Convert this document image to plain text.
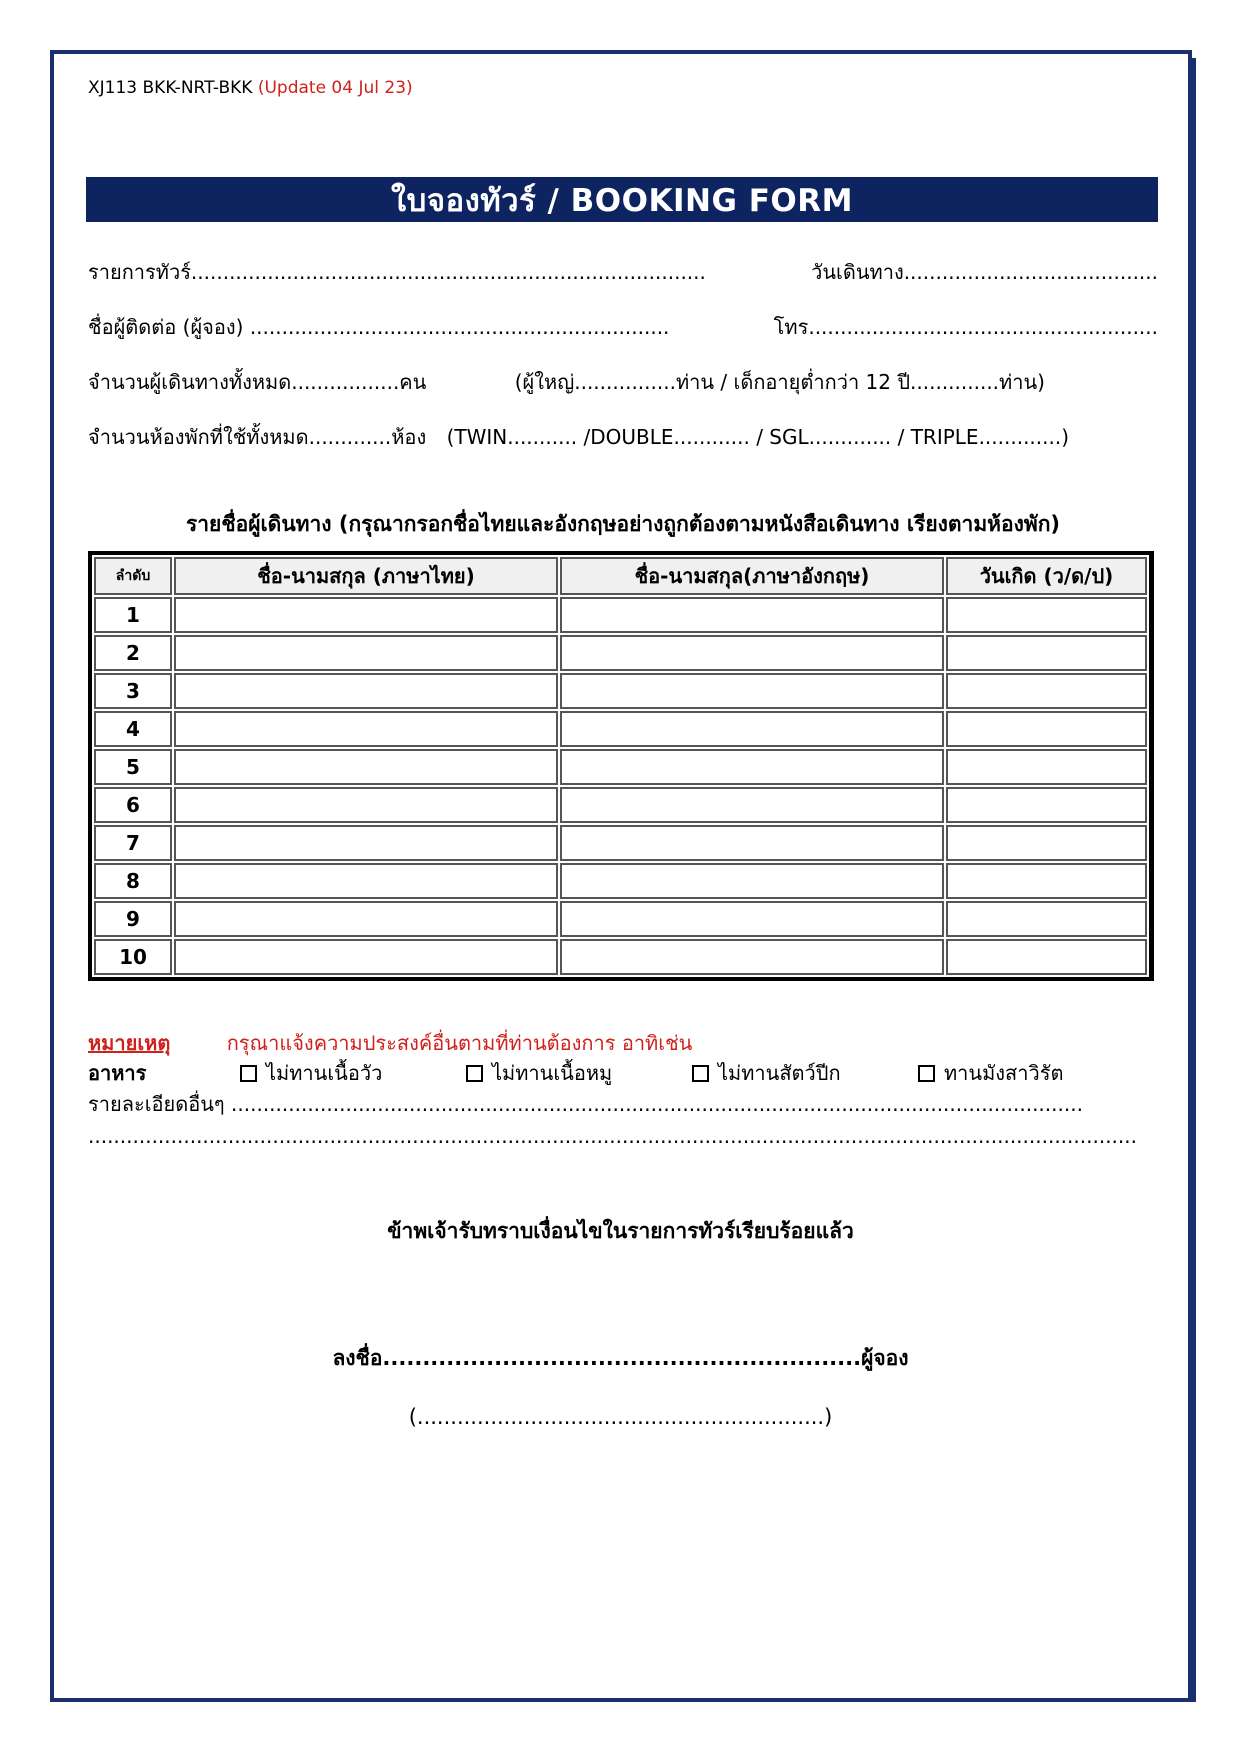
XJ113 BKK-NRT-BKK (Update 04 Jul 23)
ใบจองทัวร์ / BOOKING FORM
รายการทัวร์.................................................................................	วันเดินทาง........................................
ชื่อผู้ติดต่อ (ผู้จอง) ..................................................................	โทร.......................................................
จำนวนผู้เดินทางทั้งหมด.................คน	(ผู้ใหญ่................ท่าน / เด็กอายุต่ำกว่า 12 ปี..............ท่าน)
จำนวนห้องพักที่ใช้ทั้งหมด.............ห้อง (TWIN........... /DOUBLE............ / SGL............. / TRIPLE.............)
รายชื่อผู้เดินทาง (กรุณากรอกชื่อไทยและอังกฤษอย่างถูกต้องตามหนังสือเดินทาง เรียงตามห้องพัก)
ลำดับ	ชื่อ-นามสกุล (ภาษาไทย)	ชื่อ-นามสกุล(ภาษาอังกฤษ)	วันเกิด (ว/ด/ป)
1			
2			
3			
4			
5			
6			
7			
8			
9			
10			
หมายเหตุ	กรุณาแจ้งความประสงค์อื่นตามที่ท่านต้องการ อาทิเช่น
อาหาร	ไม่ทานเนื้อวัว	ไม่ทานเนื้อหมู	ไม่ทานสัตว์ปีก	ทานมังสาวิรัต
รายละเอียดอื่นๆ ......................................................................................................................................
.....................................................................................................................................................................
ข้าพเจ้ารับทราบเงื่อนไขในรายการทัวร์เรียบร้อยแล้ว
ลงชื่อ............................................................ผู้จอง
(.............................................................)
